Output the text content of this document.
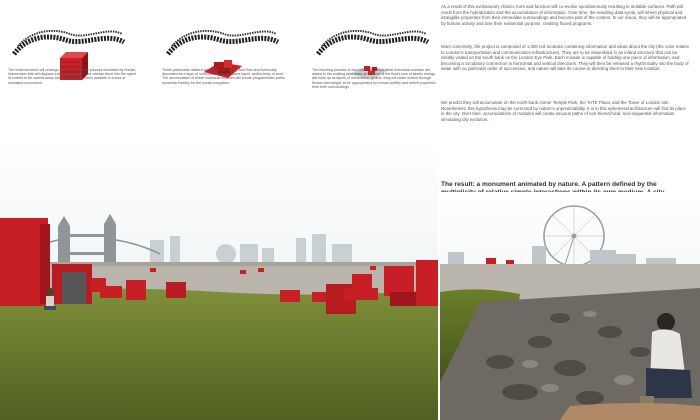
The initial structure will undergo an intrinsic natural process simulated by human intervention that will displace individual modules and release them into the agent of current to be carried away with as little intervention possible in a kind of simulated locomotion.

These particulate matters will be transported by fluid flow and eventually deposited as a layer of solid particles in the same liquid, and/or body of land. The accumulation of these individual modules will create programmatic paths, somehow healthy for the social ecosystem.

The resulting process of deposition, by which these individual modules are added to the existing land mass at the time of the fluid's loss of kinetic energy, will build up as layers of information. In time, they will retain motion through friction and weight, to be appropriated by human activity and inherit properties from their surroundings.

As a result of this evolutionary chasm, form and function will co-evolve spontaneously resulting in mutable surfaces. Path will result from the hybridization and the accumulation of information. Over time, the resulting data eyots, will inherit physical and intangible properties from their immediate surroundings and become part of the context. In our vision, they will be appropriated by human activity and lose their existential purpose, creating fluxed programs.

More concretely, the project is composed of 1,000 red modules containing information and ideas about the city (the color relates to London's transportation and communication infrastructure). They are to be assembled in an inland structure that can be initially visited on the south bank on the London Eye Park. Each module is capable of holding one piece of information, and becoming a circulatory connection in horizontal and vertical directions. They will then be released a rhythmically into the body of water with no particular order of succession, and nature will take its course in directing them to their new location.

We predict they will accumulate on the north-bank corner Temple Park, the TATE Plaza, and the Tower of London site. Nonetheless, this hypothesis may be corrected by nature's unpredictability. It is in this ephemeral architecture will find its place in the city. Over time, accumulations of modules will create sinuous paths of non-hierarchical, non-sequential information simulating city evolution.

The result: a monument animated by nature. A pattern defined by the
